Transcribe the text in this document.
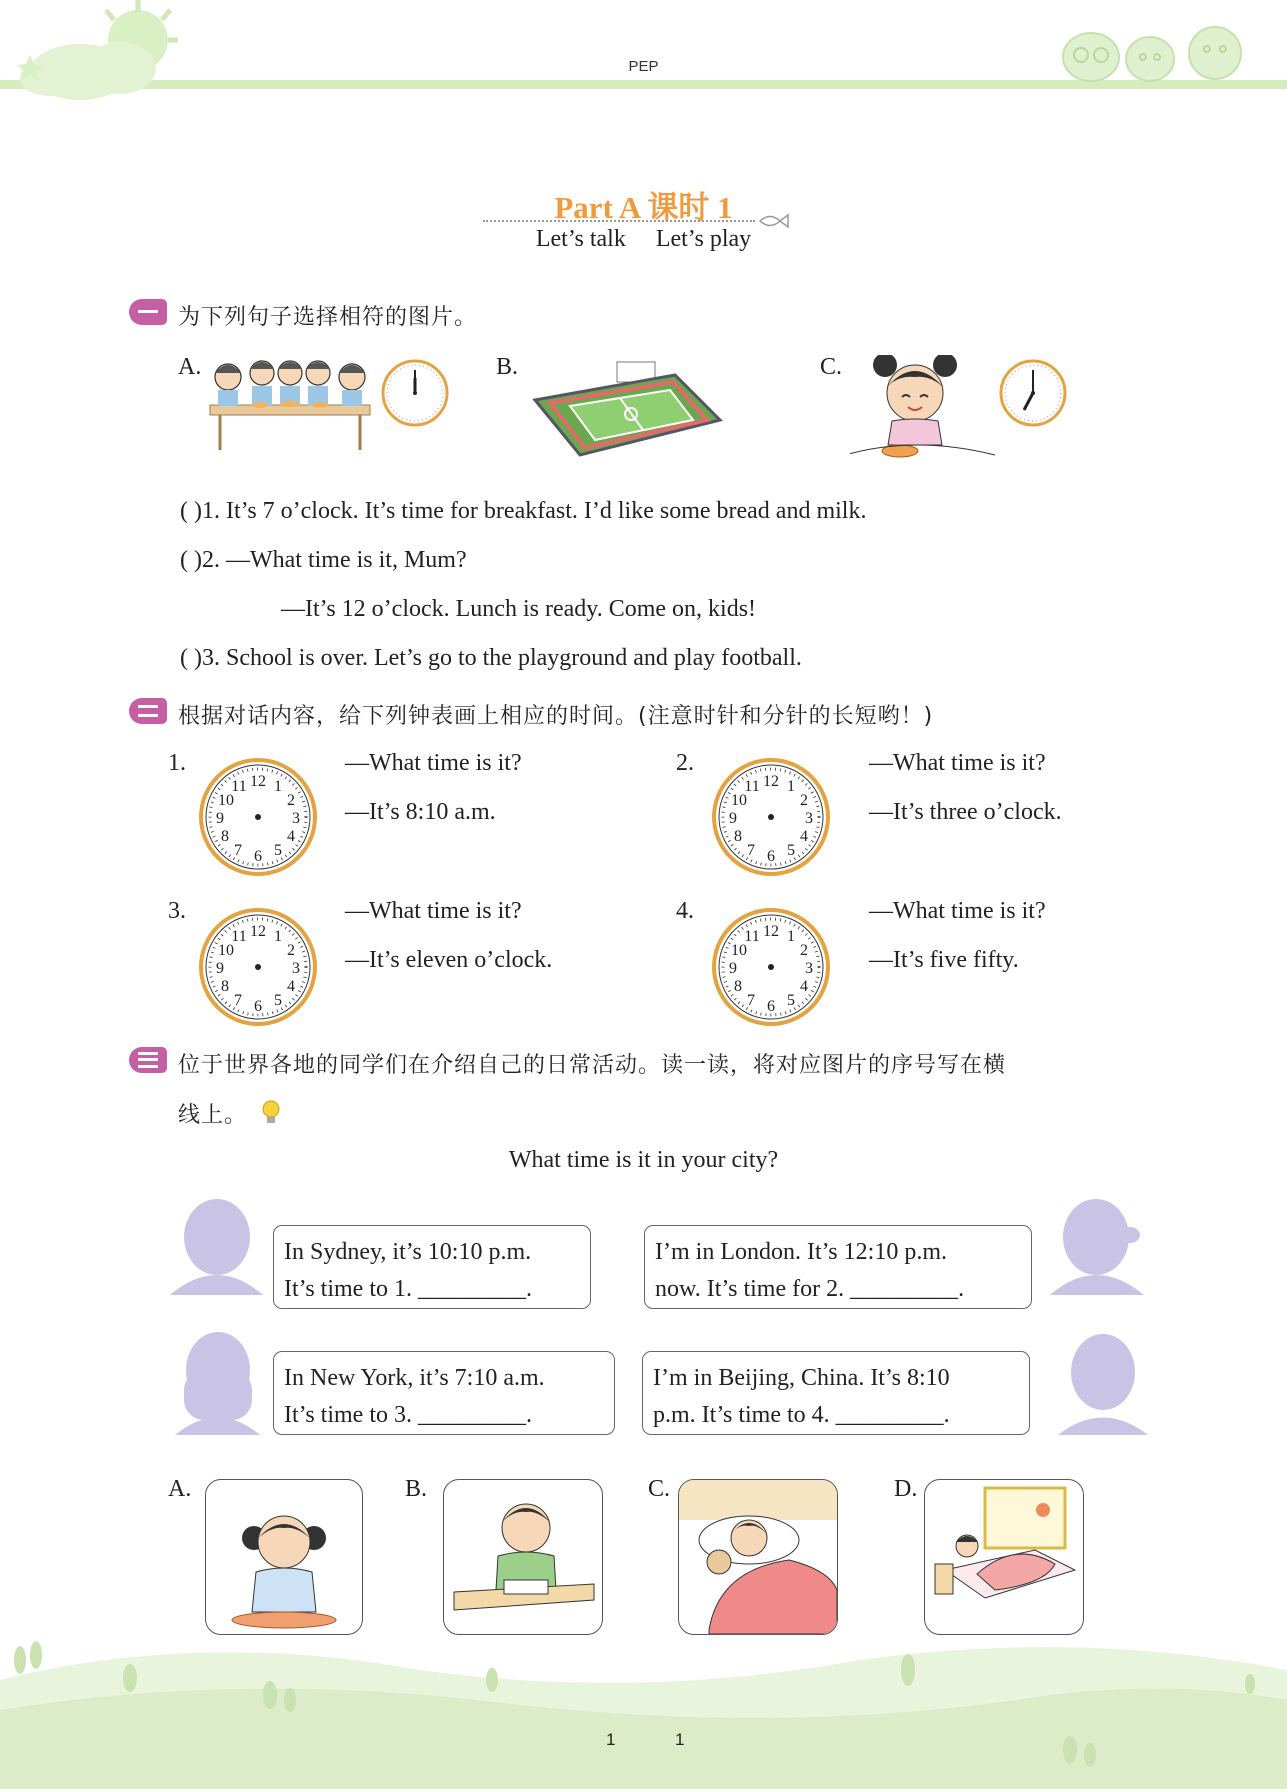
PEP
Part A 课时 1
Let’s talk Let’s play
为下列句子选择相符的图片。
A.	B.	C.
( )1. It’s 7 o’clock. It’s time for breakfast. I’d like some bread and milk.
( )2. —What time is it, Mum?
—It’s 12 o’clock. Lunch is ready. Come on, kids!
( )3. School is over. Let’s go to the playground and play football.
根据对话内容，给下列钟表画上相应的时间。(注意时针和分针的长短哟！)
1.
12 1
2
3
4
5
6
7
8
9
10
11
—What time is it?
—It’s 8:10 a.m.
2.
12 1
2
3
4
5
6
7
8
9
10
11
—What time is it?
—It’s three o’clock.
3.
12 1
2
3
4
5
6
7
8
9
10
11
—What time is it?
—It’s eleven o’clock.
4.
12 1
2
3
4
5
6
7
8
9
10
11
—What time is it?
—It’s five fifty.
位于世界各地的同学们在介绍自己的日常活动。读一读，将对应图片的序号写在横
线上。
What time is it in your city?
In Sydney, it’s 10:10 p.m.
It’s time to 1. _________.
I’m in London. It’s 12:10 p.m.
now. It’s time for 2. _________.
In New York, it’s 7:10 a.m.
It’s time to 3. _________.
I’m in Beijing, China. It’s 8:10
p.m. It’s time to 4. _________.
A.	B.	C.	D.
1	1
